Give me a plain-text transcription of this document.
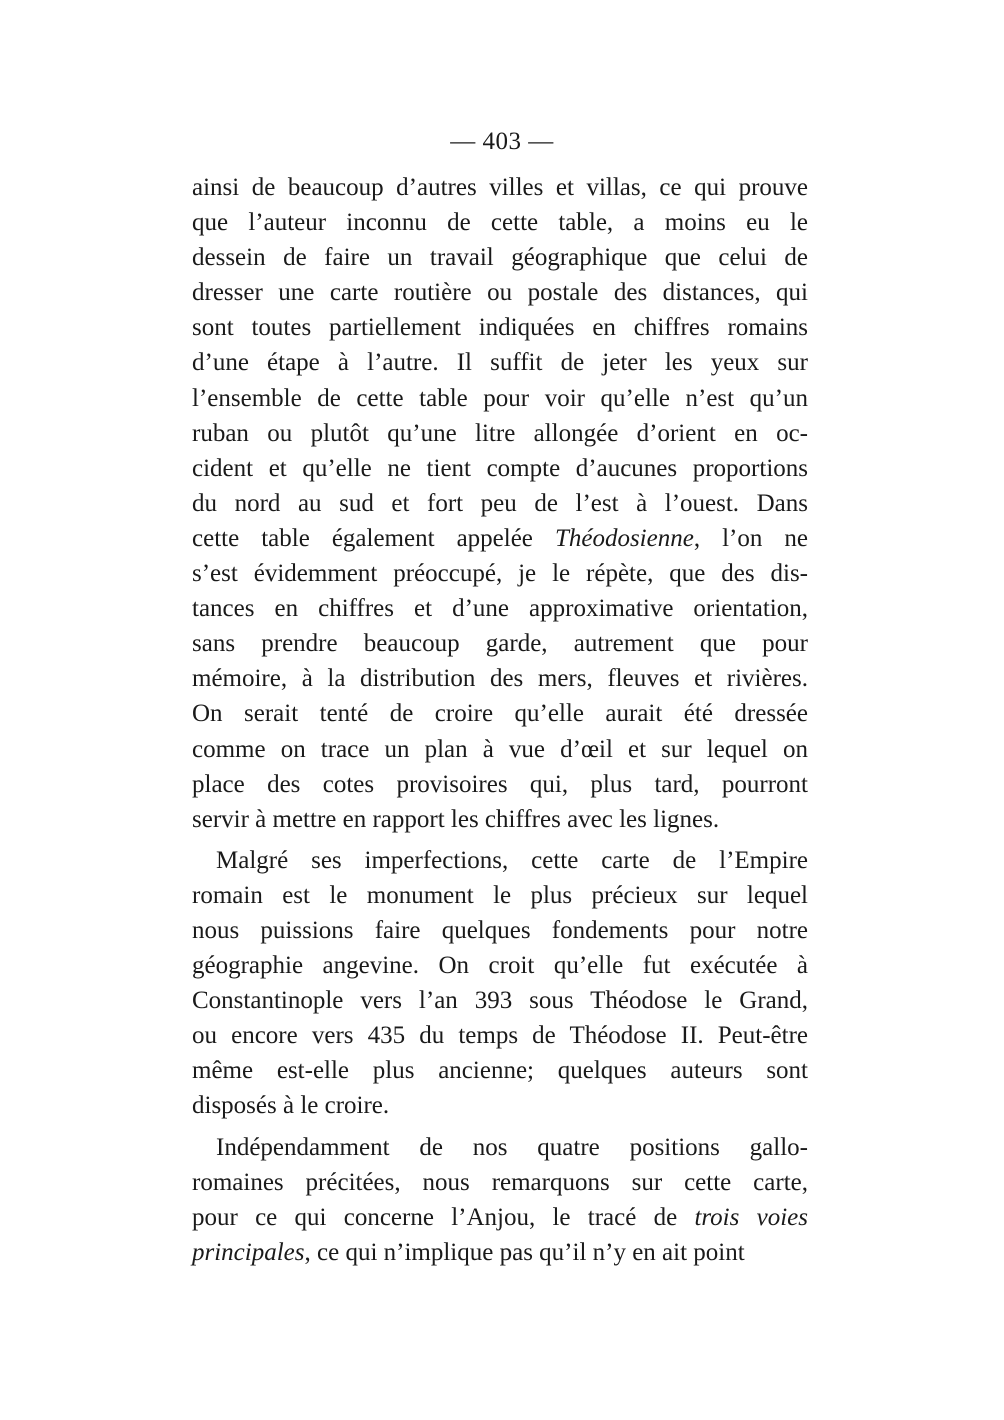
— 403 —
ainsi de beaucoup d’autres villes et villas, ce qui prouve
que l’auteur inconnu de cette table, a moins eu le
dessein de faire un travail géographique que celui de
dresser une carte routière ou postale des distances, qui
sont toutes partiellement indiquées en chiffres romains
d’une étape à l’autre. Il suffit de jeter les yeux sur
l’ensemble de cette table pour voir qu’elle n’est qu’un
ruban ou plutôt qu’une litre allongée d’orient en oc-
cident et qu’elle ne tient compte d’aucunes proportions
du nord au sud et fort peu de l’est à l’ouest. Dans
cette table également appelée Théodosienne, l’on ne
s’est évidemment préoccupé, je le répète, que des dis-
tances en chiffres et d’une approximative orientation,
sans prendre beaucoup garde, autrement que pour
mémoire, à la distribution des mers, fleuves et rivières.
On serait tenté de croire qu’elle aurait été dressée
comme on trace un plan à vue d’œil et sur lequel on
place des cotes provisoires qui, plus tard, pourront
servir à mettre en rapport les chiffres avec les lignes.
Malgré ses imperfections, cette carte de l’Empire
romain est le monument le plus précieux sur lequel
nous puissions faire quelques fondements pour notre
géographie angevine. On croit qu’elle fut exécutée à
Constantinople vers l’an 393 sous Théodose le Grand,
ou encore vers 435 du temps de Théodose II. Peut-être
même est-elle plus ancienne; quelques auteurs sont
disposés à le croire.
Indépendamment de nos quatre positions gallo-
romaines précitées, nous remarquons sur cette carte,
pour ce qui concerne l’Anjou, le tracé de trois voies
principales, ce qui n’implique pas qu’il n’y en ait point
